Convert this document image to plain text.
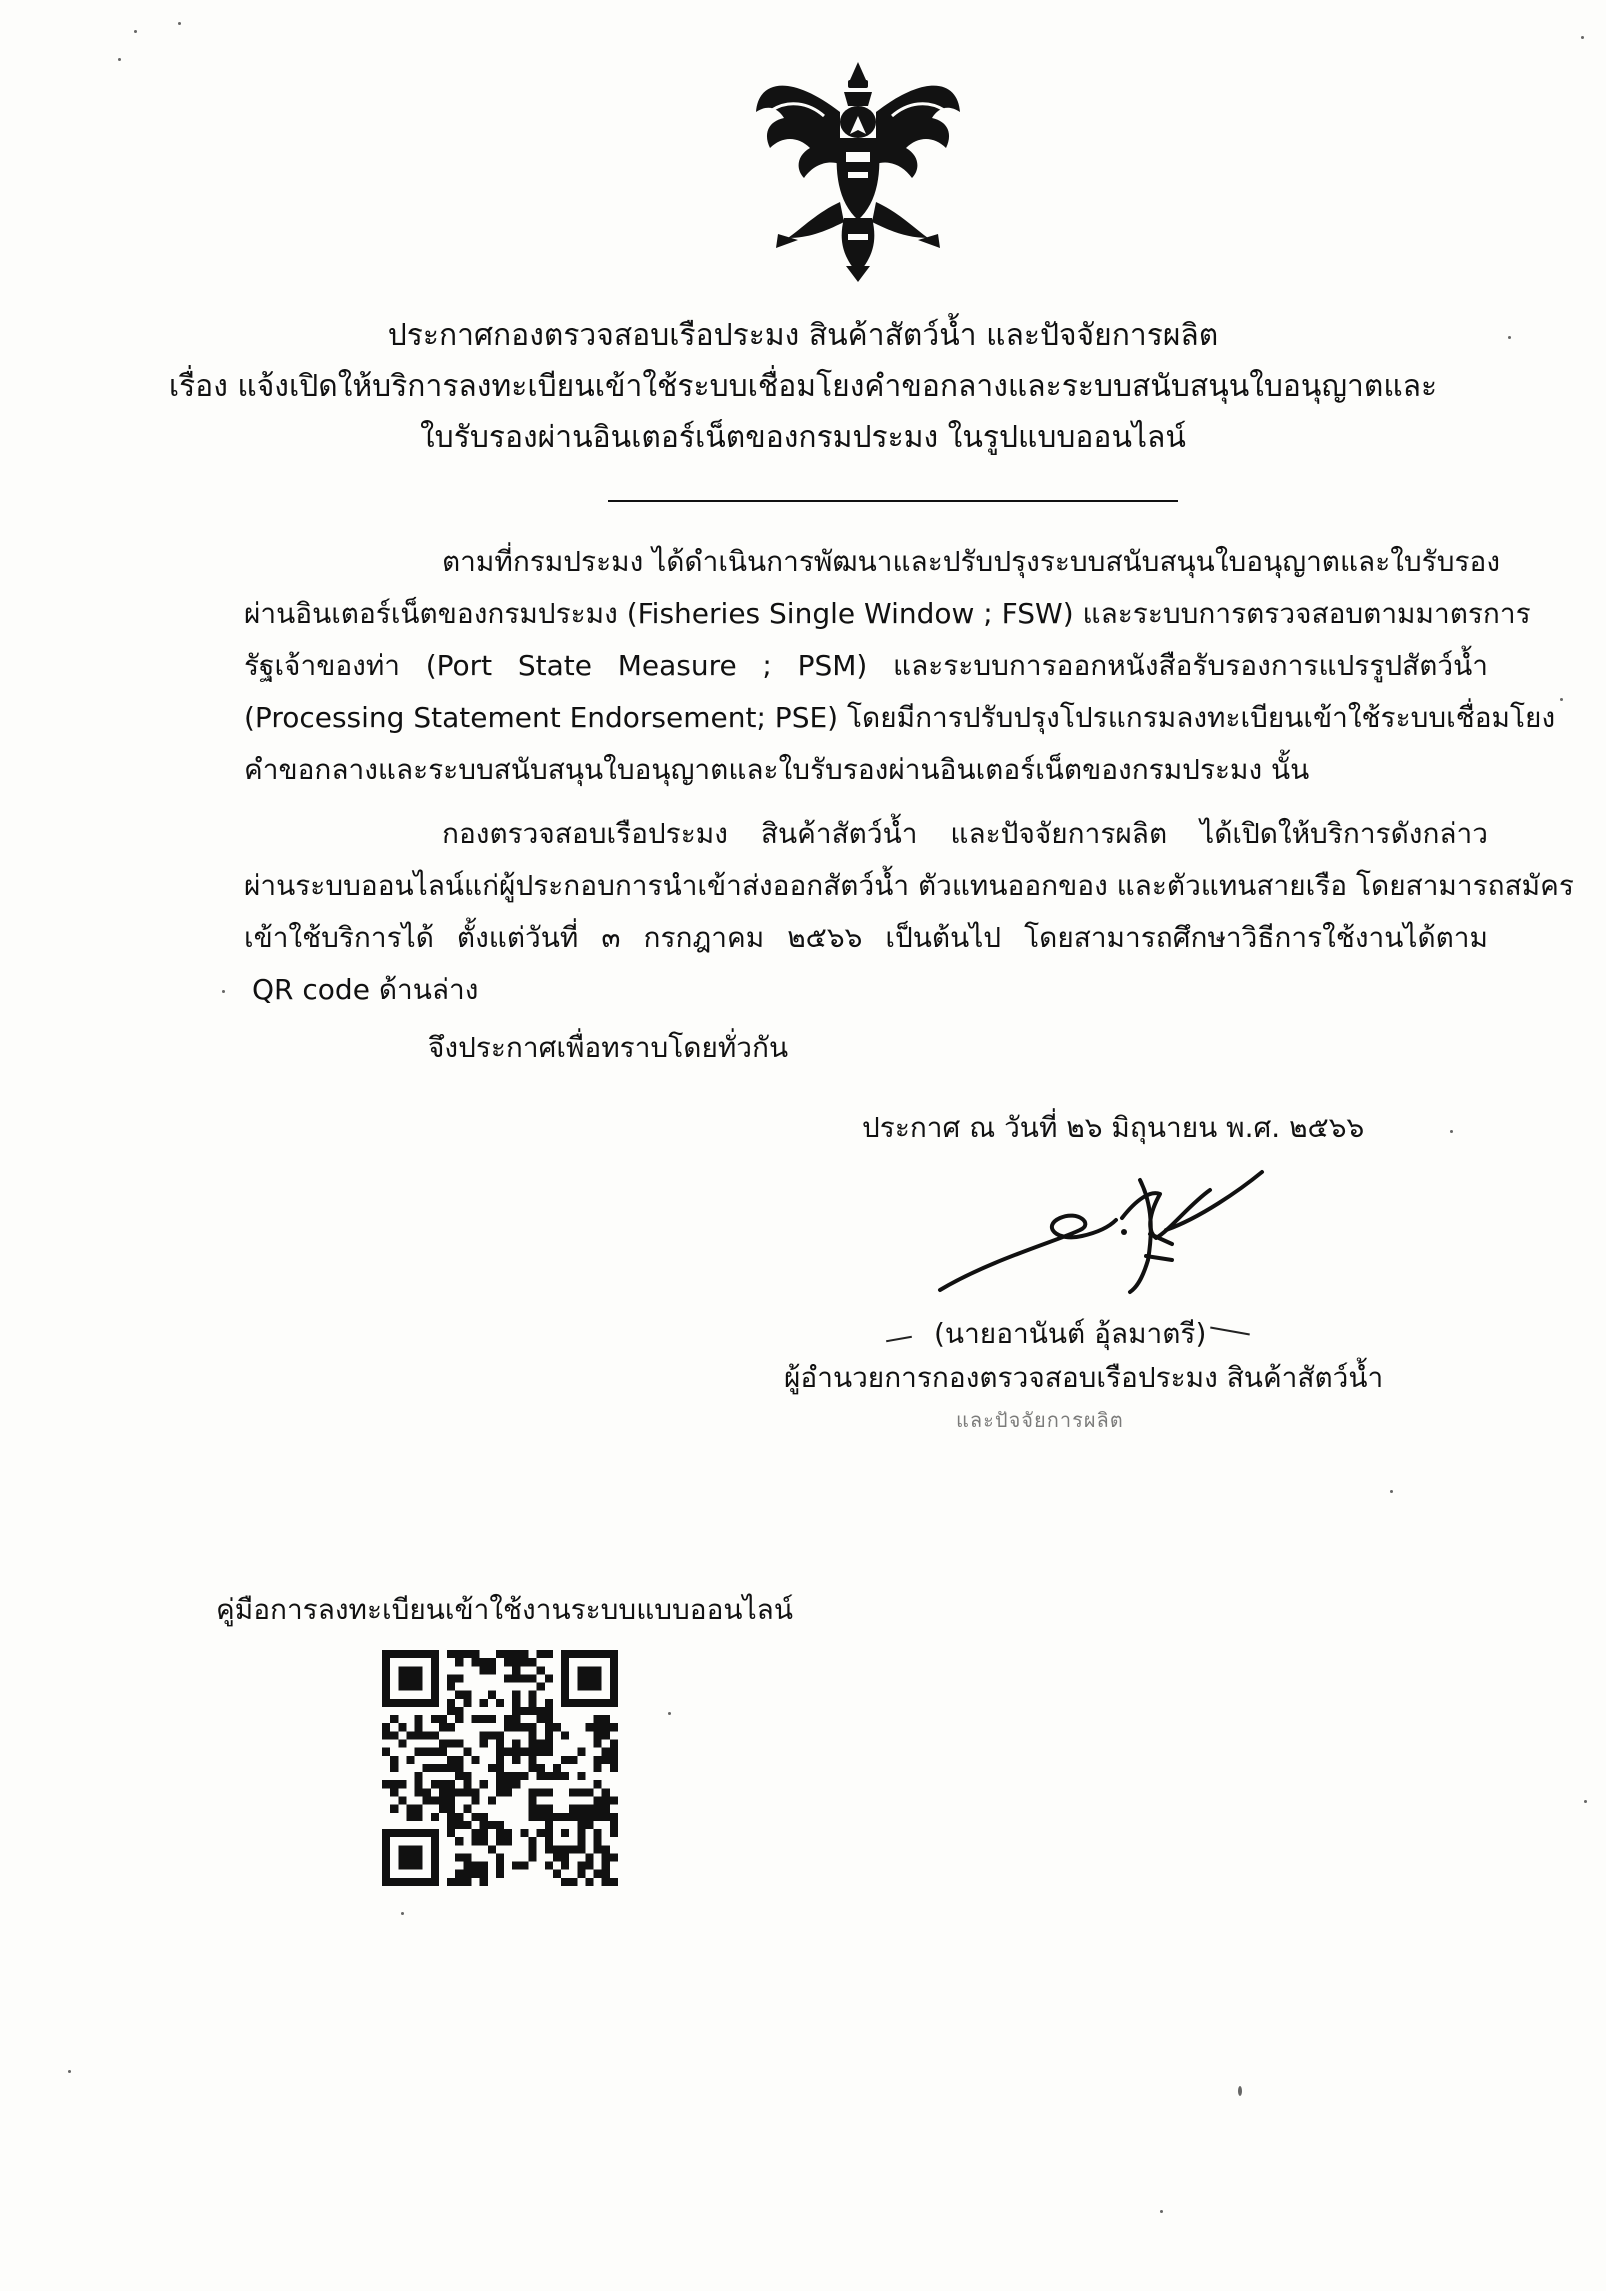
ประกาศกองตรวจสอบเรือประมง สินค้าสัตว์น้ำ และปัจจัยการผลิต
เรื่อง แจ้งเปิดให้บริการลงทะเบียนเข้าใช้ระบบเชื่อมโยงคำขอกลางและระบบสนับสนุนใบอนุญาตและ
ใบรับรองผ่านอินเตอร์เน็ตของกรมประมง ในรูปแบบออนไลน์
ตามที่กรมประมง ได้ดำเนินการพัฒนาและปรับปรุงระบบสนับสนุนใบอนุญาตและใบรับรอง
ผ่านอินเตอร์เน็ตของกรมประมง (Fisheries Single Window ; FSW) และระบบการตรวจสอบตามมาตรการ
รัฐเจ้าของท่า (Port State Measure ; PSM) และระบบการออกหนังสือรับรองการแปรรูปสัตว์น้ำ
(Processing Statement Endorsement; PSE) โดยมีการปรับปรุงโปรแกรมลงทะเบียนเข้าใช้ระบบเชื่อมโยง
คำขอกลางและระบบสนับสนุนใบอนุญาตและใบรับรองผ่านอินเตอร์เน็ตของกรมประมง นั้น
กองตรวจสอบเรือประมง สินค้าสัตว์น้ำ และปัจจัยการผลิต ได้เปิดให้บริการดังกล่าว
ผ่านระบบออนไลน์แก่ผู้ประกอบการนำเข้าส่งออกสัตว์น้ำ ตัวแทนออกของ และตัวแทนสายเรือ โดยสามารถสมัคร
เข้าใช้บริการได้ ตั้งแต่วันที่ ๓ กรกฎาคม ๒๕๖๖ เป็นต้นไป โดยสามารถศึกษาวิธีการใช้งานได้ตาม
QR code ด้านล่าง
จึงประกาศเพื่อทราบโดยทั่วกัน
ประกาศ ณ วันที่ ๒๖ มิถุนายน พ.ศ. ๒๕๖๖
(นายอานันต์ อุ้ลมาตรี)
ผู้อำนวยการกองตรวจสอบเรือประมง สินค้าสัตว์น้ำ
และปัจจัยการผลิต
คู่มือการลงทะเบียนเข้าใช้งานระบบแบบออนไลน์
